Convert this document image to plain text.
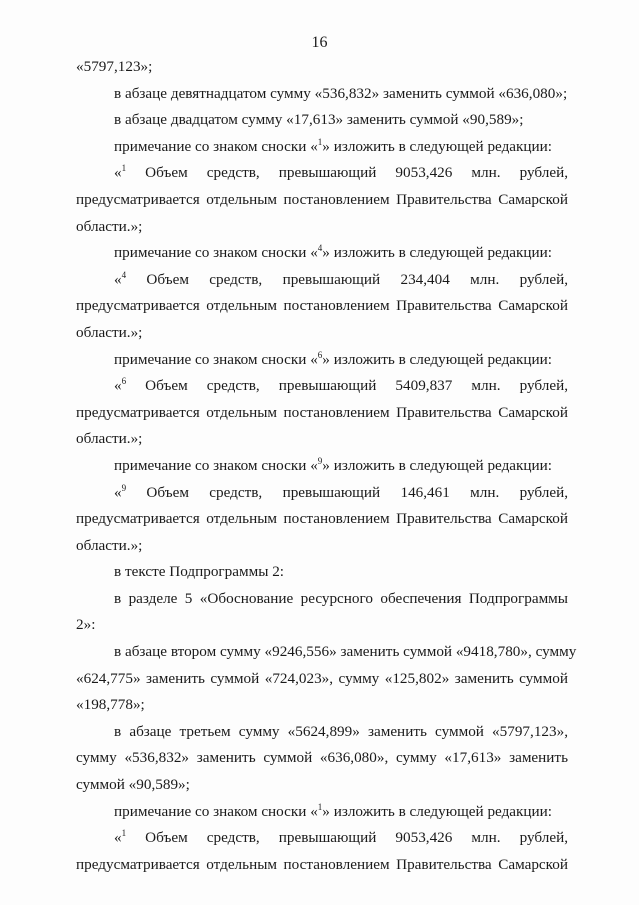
16
«5797,123»;
в абзаце девятнадцатом сумму «536,832» заменить суммой «636,080»;
в абзаце двадцатом сумму «17,613» заменить суммой «90,589»;
примечание со знаком сноски «$^1$» изложить в следующей редакции:
«$^1$ Объем средств, превышающий 9053,426 млн. рублей,
предусматривается отдельным постановлением Правительства Самарской
области.»;
примечание со знаком сноски «$^4$» изложить в следующей редакции:
«$^4$ Объем средств, превышающий 234,404 млн. рублей,
предусматривается отдельным постановлением Правительства Самарской
области.»;
примечание со знаком сноски «$^6$» изложить в следующей редакции:
«$^6$ Объем средств, превышающий 5409,837 млн. рублей,
предусматривается отдельным постановлением Правительства Самарской
области.»;
примечание со знаком сноски «$^9$» изложить в следующей редакции:
«$^9$ Объем средств, превышающий 146,461 млн. рублей,
предусматривается отдельным постановлением Правительства Самарской
области.»;
в тексте Подпрограммы 2:
в разделе 5 «Обоснование ресурсного обеспечения Подпрограммы 2»:
в абзаце втором сумму «9246,556» заменить суммой «9418,780», сумму
«624,775» заменить суммой «724,023», сумму «125,802» заменить суммой
«198,778»;
в абзаце третьем сумму «5624,899» заменить суммой «5797,123»,
сумму «536,832» заменить суммой «636,080», сумму «17,613» заменить
суммой «90,589»;
примечание со знаком сноски «$^1$» изложить в следующей редакции:
«$^1$ Объем средств, превышающий 9053,426 млн. рублей,
предусматривается отдельным постановлением Правительства Самарской
